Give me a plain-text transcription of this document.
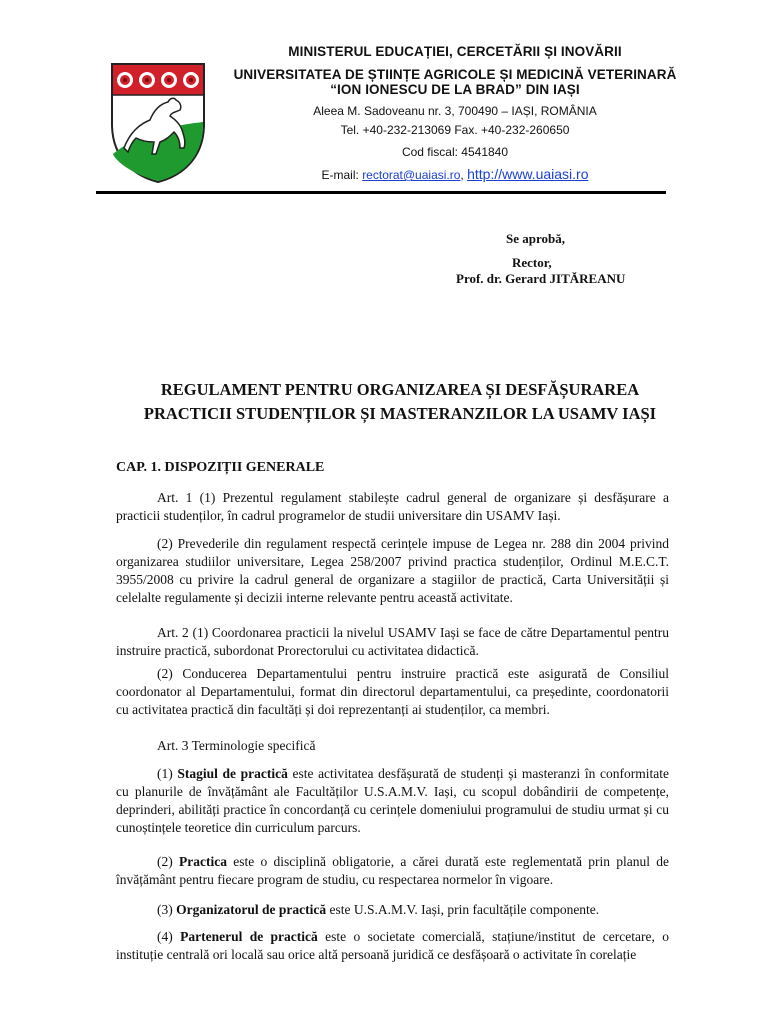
MINISTERUL EDUCAȚIEI, CERCETĂRII ȘI INOVĂRII
UNIVERSITATEA DE ȘTIINȚE AGRICOLE ȘI MEDICINĂ VETERINARĂ
“ION IONESCU DE LA BRAD” DIN IAȘI
Aleea M. Sadoveanu nr. 3, 700490 – IAȘI, ROMÂNIA
Tel. +40-232-213069 Fax. +40-232-260650
Cod fiscal: 4541840
E-mail: rectorat@uaiasi.ro, http://www.uaiasi.ro
Se aprobă,
Rector,
Prof. dr. Gerard JITĂREANU
REGULAMENT PENTRU ORGANIZAREA ȘI DESFĂȘURAREA
PRACTICII STUDENȚILOR ȘI MASTERANZILOR LA USAMV IAȘI
CAP. 1. DISPOZIȚII GENERALE
Art. 1 (1) Prezentul regulament stabilește cadrul general de organizare și desfășurare a practicii studenților, în cadrul programelor de studii universitare din USAMV Iași.
(2) Prevederile din regulament respectă cerințele impuse de Legea nr. 288 din 2004 privind organizarea studiilor universitare, Legea 258/2007 privind practica studenților, Ordinul M.E.C.T. 3955/2008 cu privire la cadrul general de organizare a stagiilor de practică, Carta Universității și celelalte regulamente și decizii interne relevante pentru această activitate.
Art. 2 (1) Coordonarea practicii la nivelul USAMV Iași se face de către Departamentul pentru instruire practică, subordonat Prorectorului cu activitatea didactică.
(2) Conducerea Departamentului pentru instruire practică este asigurată de Consiliul coordonator al Departamentului, format din directorul departamentului, ca președinte, coordonatorii cu activitatea practică din facultăți și doi reprezentanți ai studenților, ca membri.
Art. 3 Terminologie specifică
(1) Stagiul de practică este activitatea desfășurată de studenți și masteranzi în conformitate cu planurile de învățământ ale Facultăților U.S.A.M.V. Iași, cu scopul dobândirii de competențe, deprinderi, abilități practice în concordanță cu cerințele domeniului programului de studiu urmat și cu cunoștințele teoretice din curriculum parcurs.
(2) Practica este o disciplină obligatorie, a cărei durată este reglementată prin planul de învățământ pentru fiecare program de studiu, cu respectarea normelor în vigoare.
(3) Organizatorul de practică este U.S.A.M.V. Iași, prin facultățile componente.
(4) Partenerul de practică este o societate comercială, stațiune/institut de cercetare, o instituție centrală ori locală sau orice altă persoană juridică ce desfășoară o activitate în corelație
